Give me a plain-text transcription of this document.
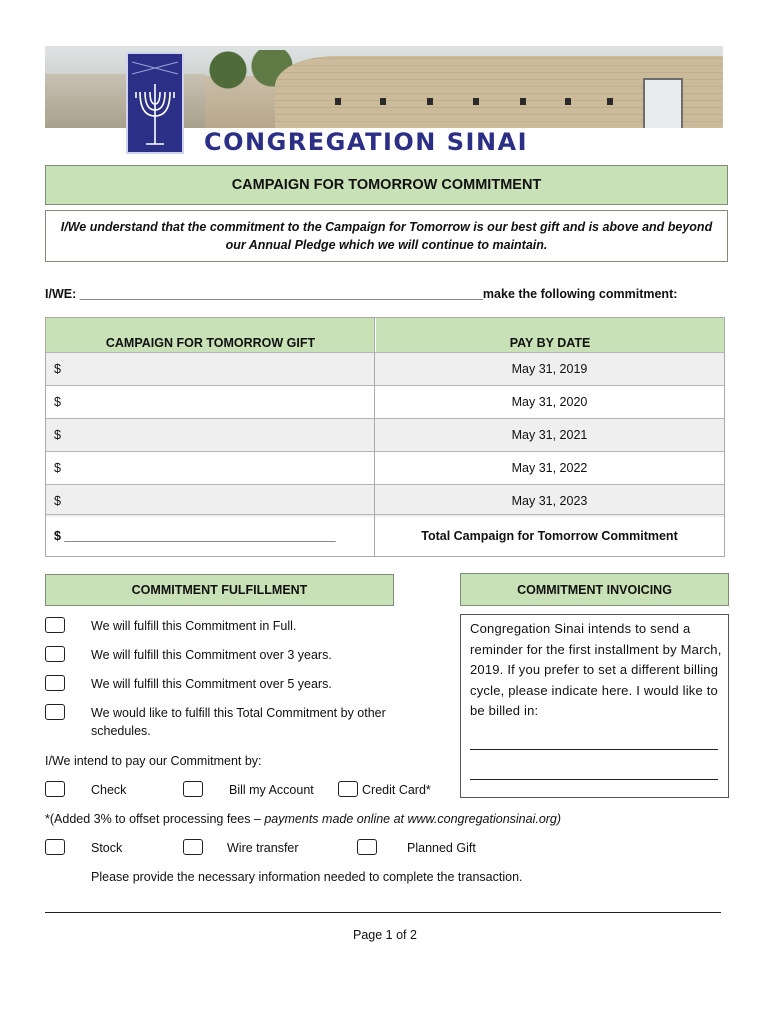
CONGREGATION SINAI
CAMPAIGN FOR TOMORROW COMMITMENT
I/We understand that the commitment to the Campaign for Tomorrow is our best gift and is above and beyond our Annual Pledge which we will continue to maintain.
I/WE: __________________________________________________________make the following commitment:
CAMPAIGN FOR TOMORROW GIFT	PAY BY DATE
$	May 31, 2019
$	May 31, 2020
$	May 31, 2021
$	May 31, 2022
$	May 31, 2023
$ _______________________________________	Total Campaign for Tomorrow Commitment
COMMITMENT FULFILLMENT	COMMITMENT INVOICING
We will fulfill this Commitment in Full.
We will fulfill this Commitment over 3 years.
We will fulfill this Commitment over 5 years.
We would like to fulfill this Total Commitment by other schedules.
I/We intend to pay our Commitment by:
Check	Bill my Account	Credit Card*
*(Added 3% to offset processing fees – payments made online at www.congregationsinai.org)
Stock	Wire transfer	Planned Gift
Please provide the necessary information needed to complete the transaction.
Congregation Sinai intends to send a reminder for the first installment by March, 2019. If you prefer to set a different billing cycle, please indicate here. I would like to be billed in:
Page 1 of 2
